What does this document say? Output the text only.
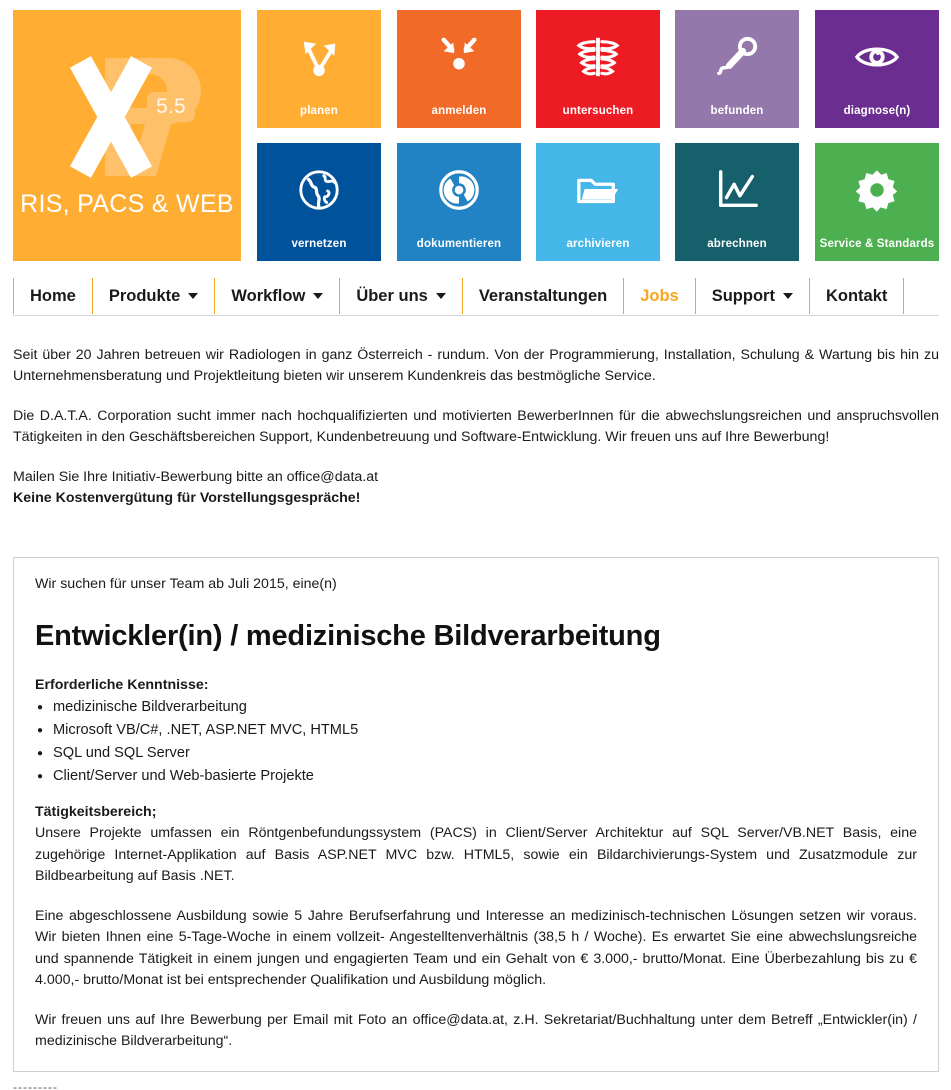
5.5
RIS, PACS & WEB
planen	anmelden	untersuchen	befunden	diagnose(n)
vernetzen	dokumentieren	archivieren	abrechnen	Service & Standards
Home Produkte	Workflow	Über uns	Veranstaltungen Jobs Support	Kontakt
Seit über 20 Jahren betreuen wir Radiologen in ganz Österreich - rundum. Von der Programmierung, Installation, Schulung & Wartung bis hin zu Unternehmensberatung und Projektleitung bieten wir unserem Kundenkreis das bestmögliche Service.
Die D.A.T.A. Corporation sucht immer nach hochqualifizierten und motivierten BewerberInnen für die abwechslungsreichen und anspruchsvollen Tätigkeiten in den Geschäftsbereichen Support, Kundenbetreuung und Software-Entwicklung. Wir freuen uns auf Ihre Bewerbung!
Mailen Sie Ihre Initiativ-Bewerbung bitte an office@data.at
Keine Kostenvergütung für Vorstellungsgespräche!
Wir suchen für unser Team ab Juli 2015, eine(n)
Entwickler(in) / medizinische Bildverarbeitung
Erforderliche Kenntnisse:
● medizinische Bildverarbeitung
● Microsoft VB/C#, .NET, ASP.NET MVC, HTML5
● SQL und SQL Server
● Client/Server und Web-basierte Projekte
Tätigkeitsbereich;
Unsere Projekte umfassen ein Röntgenbefundungssystem (PACS) in Client/Server Architektur auf SQL Server/VB.NET Basis, eine zugehörige Internet-Applikation auf Basis ASP.NET MVC bzw. HTML5, sowie ein Bildarchivierungs-System und Zusatzmodule zur Bildbearbeitung auf Basis .NET.
Eine abgeschlossene Ausbildung sowie 5 Jahre Berufserfahrung und Interesse an medizinisch-technischen Lösungen setzen wir voraus. Wir bieten Ihnen eine 5-Tage-Woche in einem vollzeit- Angestelltenverhältnis (38,5 h / Woche). Es erwartet Sie eine abwechslungsreiche und spannende Tätigkeit in einem jungen und engagierten Team und ein Gehalt von € 3.000,- brutto/Monat. Eine Überbezahlung bis zu € 4.000,- brutto/Monat ist bei entsprechender Qualifikation und Ausbildung möglich.
Wir freuen uns auf Ihre Bewerbung per Email mit Foto an office@data.at, z.H. Sekretariat/Buchhaltung unter dem Betreff „Entwickler(in) / medizinische Bildverarbeitung“.
---------
